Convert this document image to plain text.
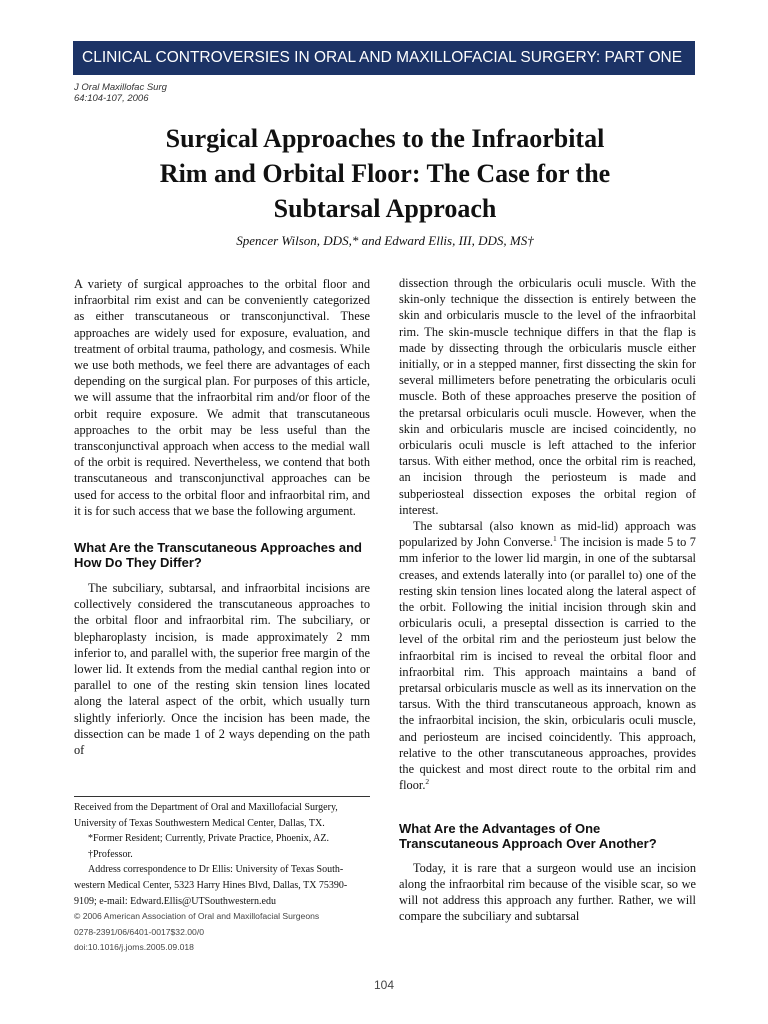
CLINICAL CONTROVERSIES IN ORAL AND MAXILLOFACIAL SURGERY: PART ONE
J Oral Maxillofac Surg
64:104-107, 2006
Surgical Approaches to the Infraorbital
Rim and Orbital Floor: The Case for the
Subtarsal Approach
Spencer Wilson, DDS,* and Edward Ellis, III, DDS, MS†

A variety of surgical approaches to the orbital floor and infraorbital rim exist and can be conveniently categorized as either transcutaneous or transconjunctival. These approaches are widely used for exposure, evaluation, and treatment of orbital trauma, pathology, and cosmesis. While we use both methods, we feel there are advantages of each depending on the surgical plan. For purposes of this article, we will assume that the infraorbital rim and/or floor of the orbit require exposure. We admit that transcutaneous approaches to the orbit may be less useful than the transconjunctival approach when access to the medial wall of the orbit is required. Nevertheless, we contend that both transcutaneous and transconjunctival approaches can be used for access to the orbital floor and infraorbital rim, and it is for such access that we base the following argument.

What Are the Transcutaneous Approaches and How Do They Differ?

The subciliary, subtarsal, and infraorbital incisions are collectively considered the transcutaneous approaches to the orbital floor and infraorbital rim. The subciliary, or blepharoplasty incision, is made approximately 2 mm inferior to, and parallel with, the superior free margin of the lower lid. It extends from the medial canthal region into or parallel to one of the resting skin tension lines located along the lateral aspect of the orbit, which usually turn slightly inferiorly. Once the incision has been made, the dissection can be made 1 of 2 ways depending on the path of

dissection through the orbicularis oculi muscle. With the skin-only technique the dissection is entirely between the skin and orbicularis muscle to the level of the infraorbital rim. The skin-muscle technique differs in that the flap is made by dissecting through the orbicularis muscle either initially, or in a stepped manner, first dissecting the skin for several millimeters before penetrating the orbicularis oculi muscle. Both of these approaches preserve the position of the pretarsal orbicularis oculi muscle. However, when the skin and orbicularis muscle are incised coincidently, no orbicularis oculi muscle is left attached to the inferior tarsus. With either method, once the orbital rim is reached, an incision through the periosteum is made and subperiosteal dissection exposes the orbital region of interest.

The subtarsal (also known as mid-lid) approach was popularized by John Converse.$^1$ The incision is made 5 to 7 mm inferior to the lower lid margin, in one of the subtarsal creases, and extends laterally into (or parallel to) one of the resting skin tension lines located along the lateral aspect of the orbit. Following the initial incision through skin and orbicularis oculi, a preseptal dissection is carried to the level of the orbital rim and the periosteum just below the infraorbital rim is incised to reveal the orbital floor and infraorbital rim. This approach maintains a band of pretarsal orbicularis muscle as well as its innervation on the tarsus. With the third transcutaneous approach, known as the infraorbital incision, the skin, orbicularis oculi muscle, and periosteum are incised coincidently. This approach, relative to the other transcutaneous approaches, provides the quickest and most direct route to the orbital rim and floor.$^2$

What Are the Advantages of One Transcutaneous Approach Over Another?

Today, it is rare that a surgeon would use an incision along the infraorbital rim because of the visible scar, so we will not address this approach any further. Rather, we will compare the subciliary and subtarsal

Received from the Department of Oral and Maxillofacial Surgery,
University of Texas Southwestern Medical Center, Dallas, TX.
*Former Resident; Currently, Private Practice, Phoenix, AZ.
†Professor.
Address correspondence to Dr Ellis: University of Texas South-
western Medical Center, 5323 Harry Hines Blvd, Dallas, TX 75390-
9109; e-mail: Edward.Ellis@UTSouthwestern.edu
© 2006 American Association of Oral and Maxillofacial Surgeons
0278-2391/06/6401-0017$32.00/0
doi:10.1016/j.joms.2005.09.018
104
